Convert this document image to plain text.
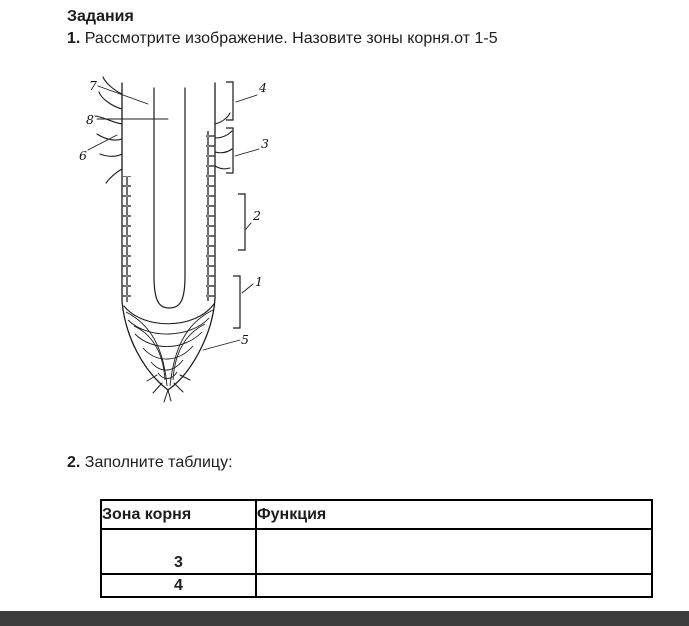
Задания

1. Рассмотрите изображение. Назовите зоны корня.от 1-5

7
8
6
4
3
2
1
5

2. Заполните таблицу:

Зона корня	Функция
3	
4	
